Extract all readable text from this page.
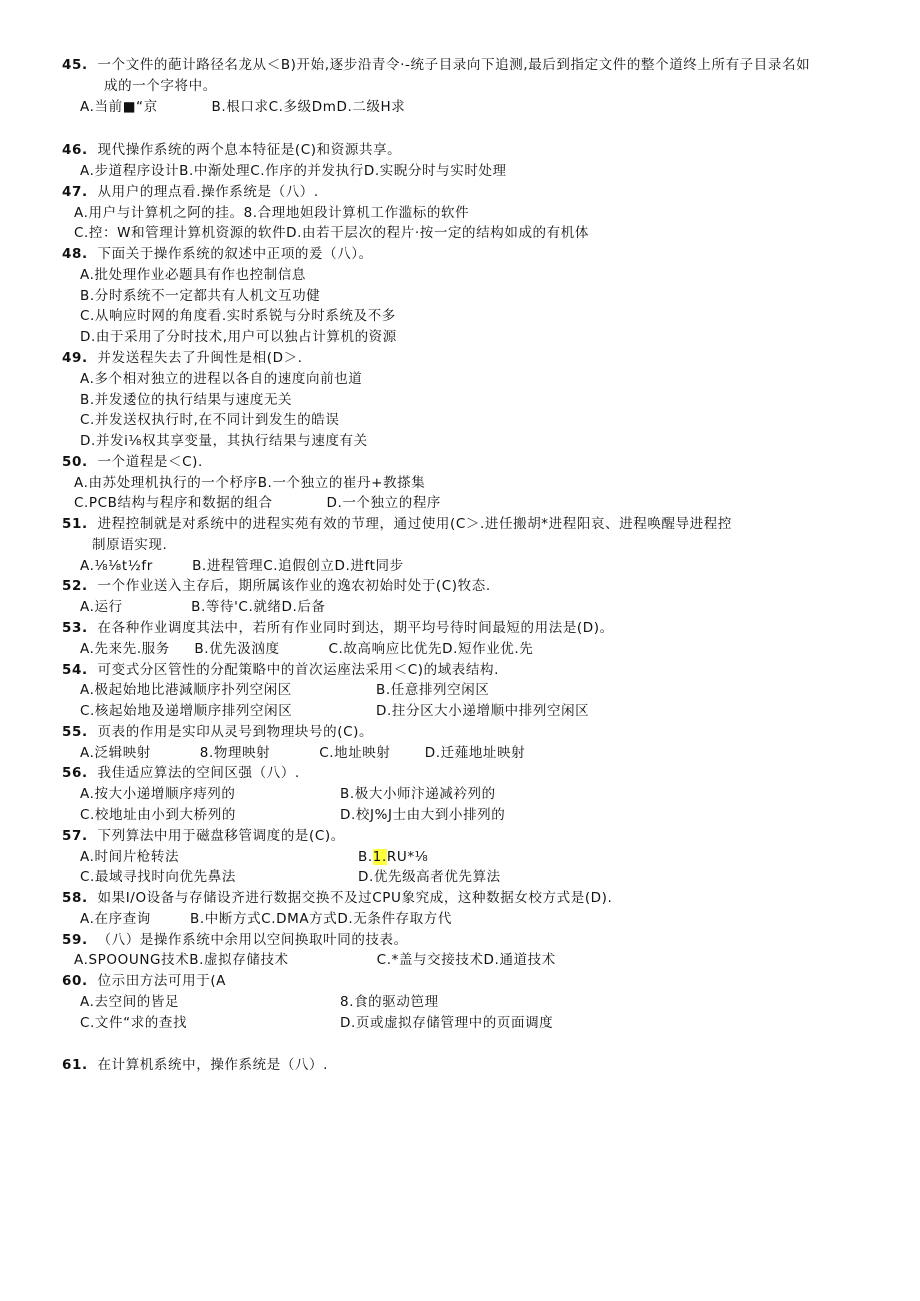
45. 一个文件的葩计路径名龙从＜B)开始,逐步沿青令·-统子目录向下追测,最后到指定文件的整个道终上所有子目录名如
成的一个字将中。
A.当前■“京           B.根口求C.多级DmD.二级H求
46. 现代操作系统的两个息本特征是(C)和资源共享。
A.步道程序设计B.中渐处理C.作序的并发执行D.实睨分时与实时处理
47. 从用户的理点看.操作系统是（八）.
A.用户与计算机之阿的挂。8.合理地妲段计算机工作滥标的软件
C.控：W和管理计算机资源的软件D.由若干层次的程片·按一定的结构如成的有机体
48. 下面关于操作系统的叙述中正项的爰（八）。
A.批处理作业必题具有作也控制信息
B.分时系统不一定都共有人机文互功健
C.从响应时网的角度看.实时系锐与分时系统及不多
D.由于采用了分时技术,用户可以独占计算机的资源
49. 并发送程失去了升闽性是相(D＞.
A.多个相对独立的进程以各自的速度向前也道
B.并发逶位的执行结果与速度无关
C.并发送权执行时,在不同计到发生的皓误
D.并发i⅛权其享变量，其执行结果与速度有关
50. 一个道程是＜C).
A.由苏处理机执行的一个杼序B.一个独立的崔丹+教搽集
C.PCB结构与程序和数据的组合           D.一个独立的程序
51. 进程控制就是对系统中的进程实苑有效的节理，通过使用(C＞.进任搬胡*进程阳哀、进程唤醒导进程控
制原语实现.
A.⅛⅛t½fr        B.进程管理C.追假创立D.进ft同步
52. 一个作业送入主存后，期所属该作业的逸农初始时处于(C)牧态.
A.运行              B.等待'C.就绪D.后备
53. 在各种作业调度其法中，若所有作业同时到达，期平均号待时间最短的用法是(D)。
A.先来先.服务     B.优先汲汹度          C.故高响应比优先D.短作业优.先
54. 可变式分区管性的分配策略中的首次运座法采用＜C)的域表结构.
A.极起始地比港減顺序扑列空闲区	B.任意排列空闲区
C.核起始地及递增顺序排列空闲区	D.拄分区大小递增顺中排列空闲区
55. 页表的作用是实印从灵号到物理块号的(C)。
A.泛辑映射          8.物理映射          C.地址映射       D.迁薤地址映射
56. 我佳适应算法的空间区强（八）.
A.按大小递增顺序痔列的	B.极大小师汴递减衿列的
C.校地址由小到大桥列的	D.校J%J士由大到小排列的
57. 下列算法中用于磁盘移管调度的是(C)。
A.时间片枪转法	B.1.RU*⅛
C.最域寻找时向优先鼻法	D.优先级高者优先算法
58. 如果I/O设备与存储设齐进行数据交换不及过CPU象究成，这种数据女校方式是(D).
A.在序查询        B.中断方式C.DMA方式D.无条件存取方代
59. （八）是操作系统中余用以空间换取叶同的技表。
A.SPOOUNG技术B.虚拟存储技术                  C.*盖与交接技术D.通道技术
60. 位示田方法可用于(A
A.去空间的皆足	8.食的驱动笆理
C.文件“求的查找	D.页或虚拟存储管理中的页面调度
61. 在计算机系统中，操作系统是（八）.
